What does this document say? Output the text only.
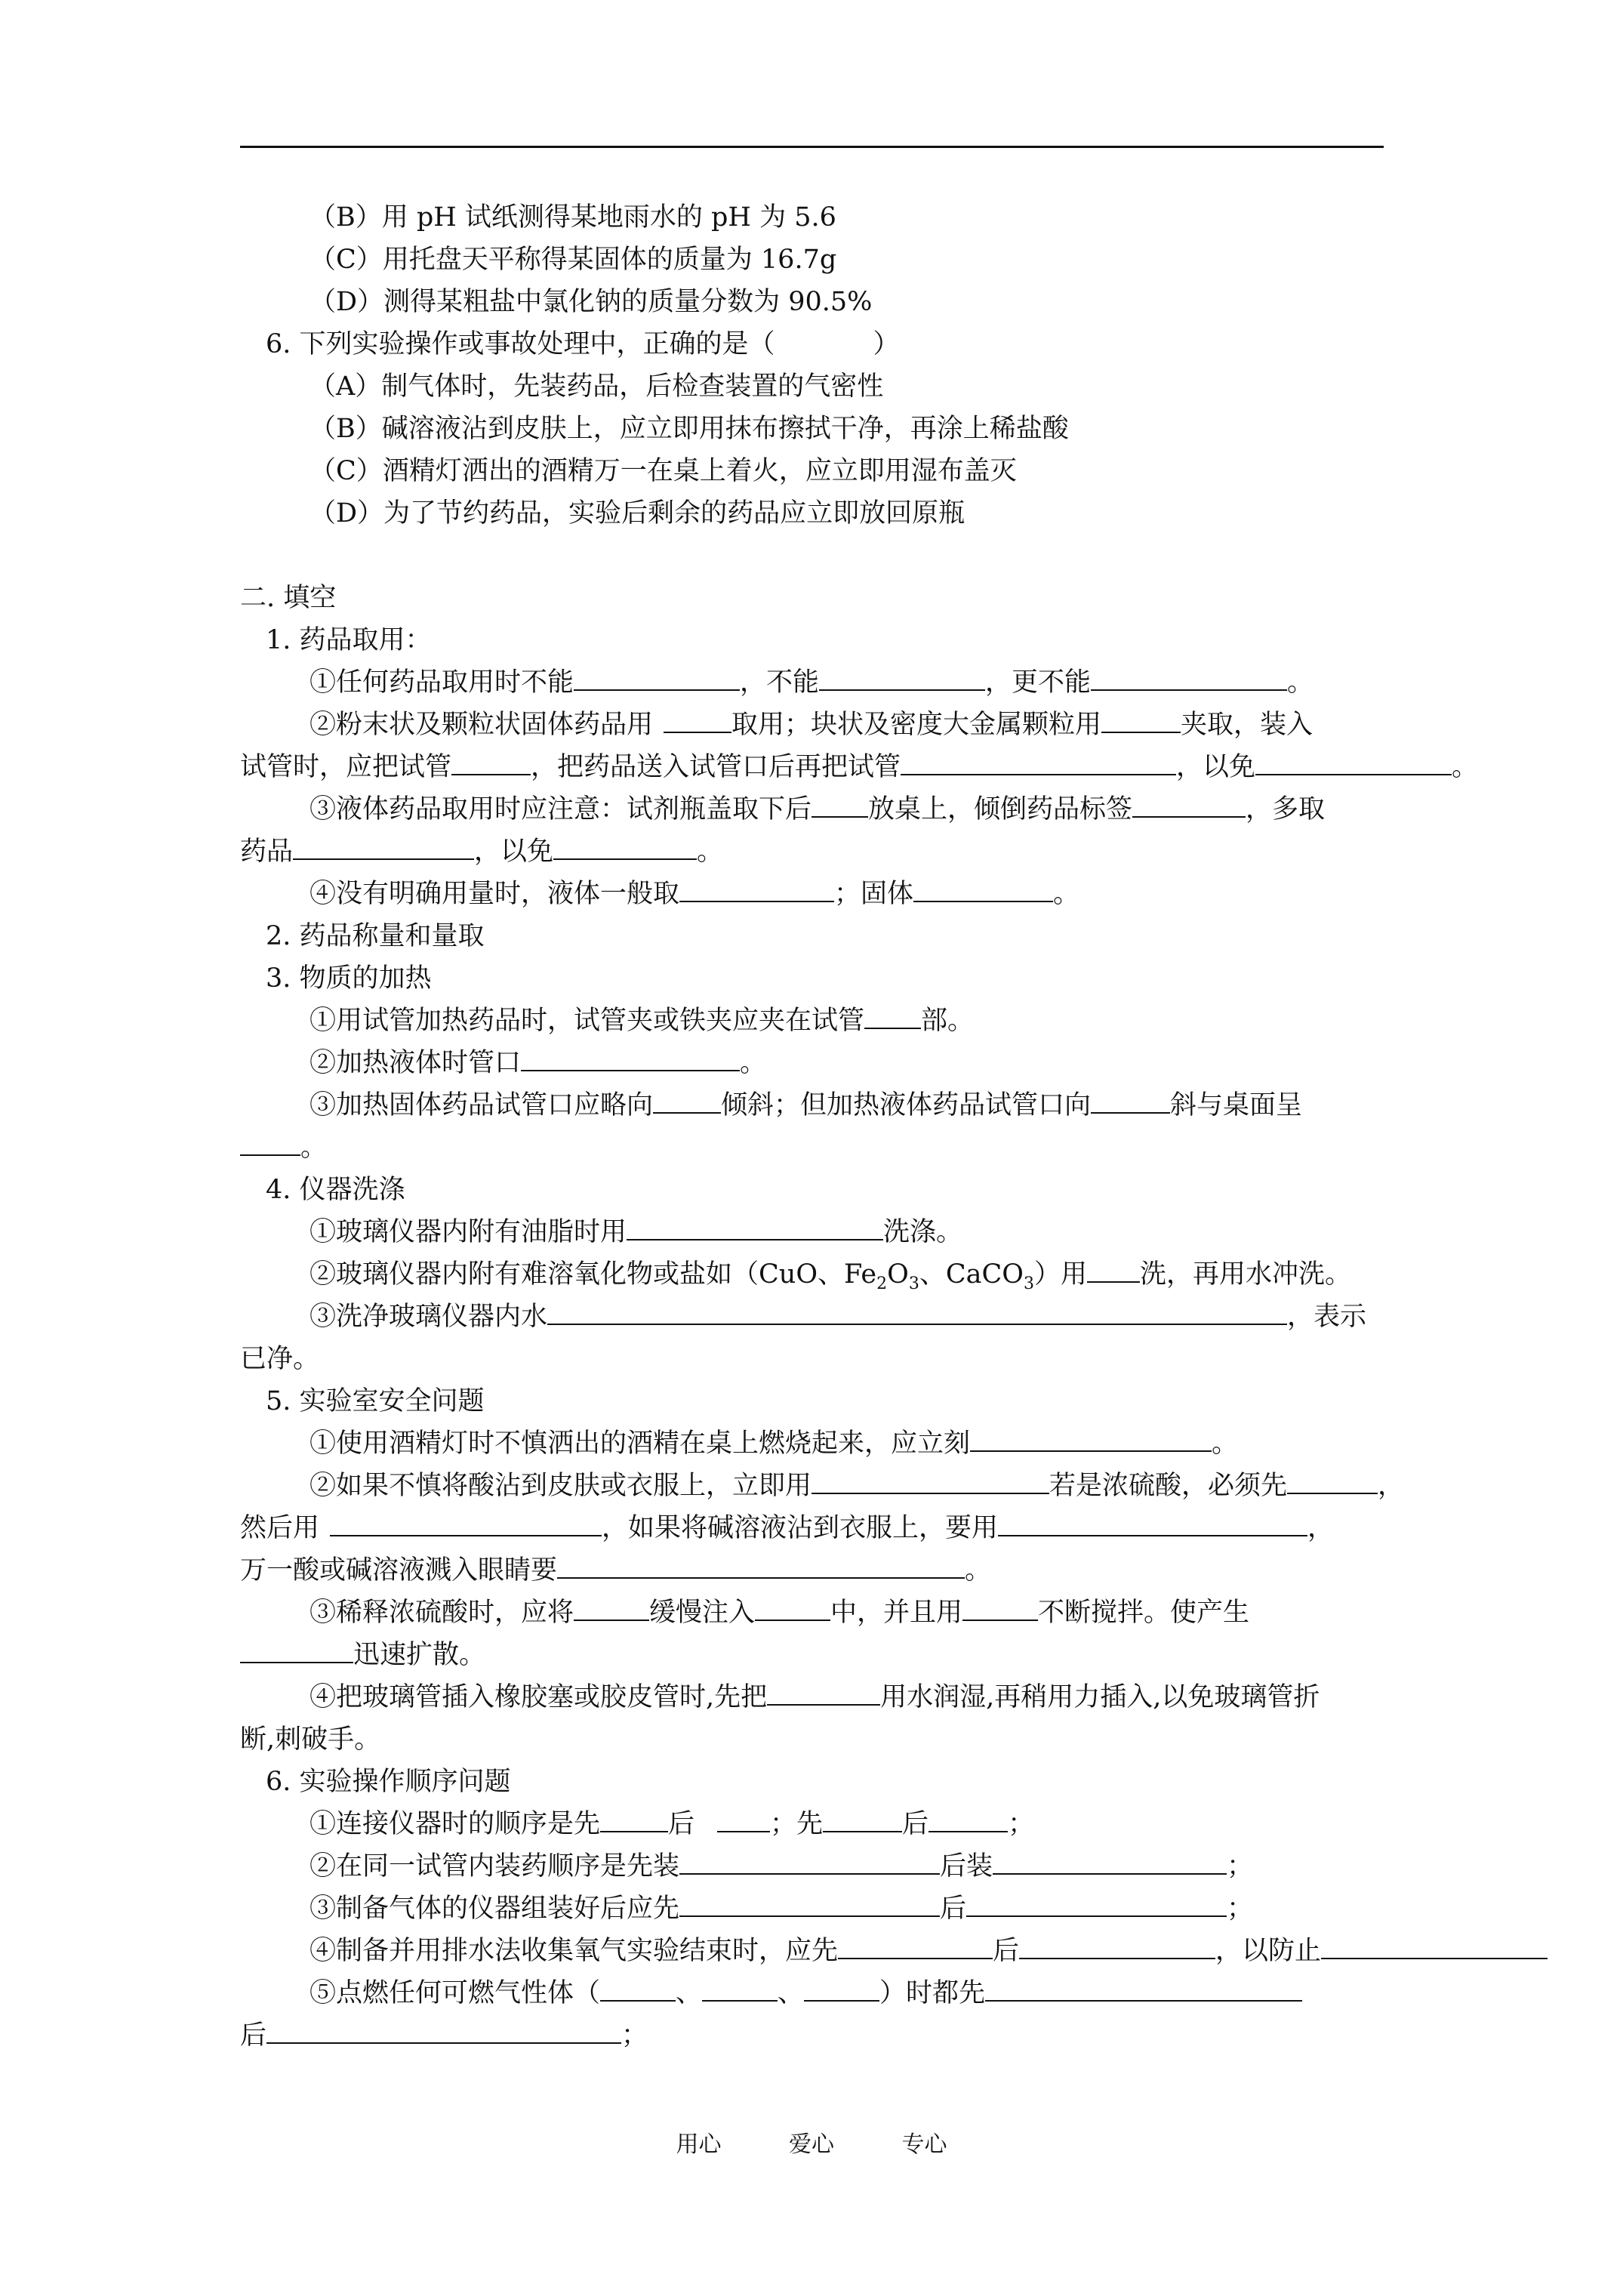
（B）用 pH 试纸测得某地雨水的 pH 为 5.6
（C）用托盘天平称得某固体的质量为 16.7g
（D）测得某粗盐中氯化钠的质量分数为 90.5%
6. 下列实验操作或事故处理中，正确的是（	）
（A）制气体时，先装药品，后检查装置的气密性
（B）碱溶液沾到皮肤上，应立即用抹布擦拭干净，再涂上稀盐酸
（C）酒精灯洒出的酒精万一在桌上着火，应立即用湿布盖灭
（D）为了节约药品，实验后剩余的药品应立即放回原瓶
二. 填空
1. 药品取用：
①任何药品取用时不能	，不能	，更不能	。
②粉末状及颗粒状固体药品用	取用；块状及密度大金属颗粒用	夹取，装入
试管时，应把试管	，把药品送入试管口后再把试管	，以免	。
③液体药品取用时应注意：试剂瓶盖取下后 放桌上，倾倒药品标签	，多取
药品	，以免	。
④没有明确用量时，液体一般取	；固体	。
2. 药品称量和量取
3. 物质的加热
①用试管加热药品时，试管夹或铁夹应夹在试管 部。
②加热液体时管口	。
③加热固体药品试管口应略向	倾斜；但加热液体药品试管口向	斜与桌面呈
。
4. 仪器洗涤
①玻璃仪器内附有油脂时用	洗涤。
②玻璃仪器内附有难溶氧化物或盐如（CuO、$Fe_2O_3$、CaCO$_3$）用 洗，再用水冲洗。
③洗净玻璃仪器内水	，表示
已净。
5. 实验室安全问题
①使用酒精灯时不慎洒出的酒精在桌上燃烧起来，应立刻	。
②如果不慎将酸沾到皮肤或衣服上，立即用	若是浓硫酸，必须先	，
然后用	，如果将碱溶液沾到衣服上，要用	，
万一酸或碱溶液溅入眼睛要	。
③稀释浓硫酸时，应将	缓慢注入	中，并且用	不断搅拌。使产生
迅速扩散。
④把玻璃管插入橡胶塞或胶皮管时,先把	用水润湿,再稍用力插入,以免玻璃管折
断,刺破手。
6. 实验操作顺序问题
①连接仪器时的顺序是先	后	；先	后	；
②在同一试管内装药顺序是先装	后装	；
③制备气体的仪器组装好后应先	后	；
④制备并用排水法收集氧气实验结束时，应先	后	，以防止
⑤点燃任何可燃气性体（	、	、	）时都先
后	；
用心	爱心	专心
